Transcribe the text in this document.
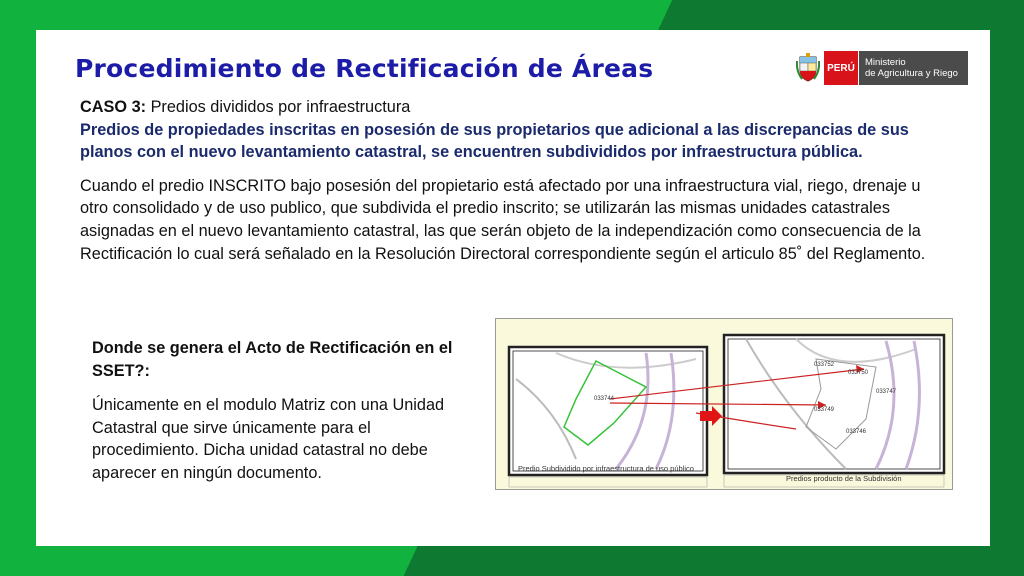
Procedimiento de Rectificación de Áreas	PERÚ	Ministerio
de Agricultura y Riego

CASO 3: Predios divididos por infraestructura

Predios de propiedades inscritas en posesión de sus propietarios que adicional a las discrepancias de sus planos con el nuevo levantamiento catastral, se encuentren subdivididos por infraestructura pública.

Cuando el predio INSCRITO bajo posesión del propietario está afectado por una infraestructura vial, riego, drenaje u otro consolidado y de uso publico, que subdivida el predio inscrito; se utilizarán las mismas unidades catastrales asignadas en el nuevo levantamiento catastral, las que serán objeto de la independización como consecuencia de la Rectificación lo cual será señalado en la Resolución Directoral correspondiente según el articulo 85˚ del Reglamento.

Donde se genera el Acto de Rectificación en el SSET?:

Únicamente en el modulo Matriz con una Unidad Catastral que sirve únicamente para el procedimiento. Dicha unidad catastral no debe aparecer en ningún documento.

033744
033750
033747
033749
033746
033752
Predio Subdividido por infraestructura de uso público
Predios producto de la Subdivisión
